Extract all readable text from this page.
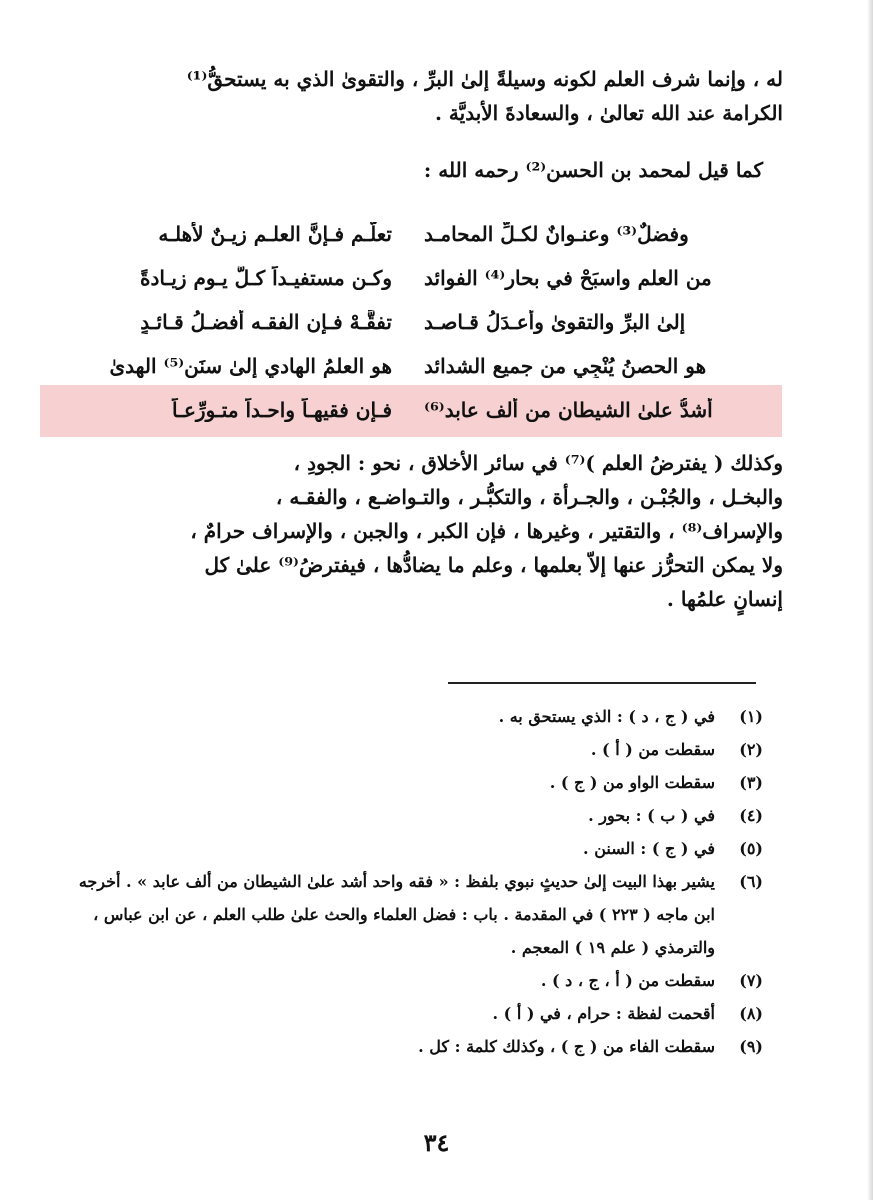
له ، وإنما شرف العلم لكونه وسيلةً إلىٰ البرِّ ، والتقوىٰ الذي به يستحقُّ⁽¹⁾
الكرامة عند الله تعالىٰ ، والسعادةَ الأبديَّة .
كما قيل لمحمد بن الحسن⁽²⁾ رحمه الله :
تعلَّـم فـإنَّ العلـم زيـنٌ لأهلـه وفضلٌ⁽³⁾ وعنـوانٌ لكـلِّ المحامـد
وكـن مستفيـداً كـلَّ يـومٍ زيـادةً من العلم واسبَحْ في بحار⁽⁴⁾ الفوائد
تفقَّـهْ فـإن الفقـه أفضـلُ قـائـدٍ إلىٰ البرِّ والتقوىٰ وأعـدَلُ قـاصـد
هو العلمُ الهادي إلىٰ سنَن⁽⁵⁾ الهدىٰ هو الحصنُ يُنْجِي من جميع الشدائد
فـإن فقيهـاً واحـداً متـورِّعـاً أشدُّ علىٰ الشيطان من ألف عابد⁽⁶⁾
وكذلك ( يفترضُ العلم )⁽⁷⁾ في سائر الأخلاق ، نحو : الجودِ ،
والبخـل ، والجُبْـن ، والجـرأة ، والتكبُّـر ، والتـواضـع ، والفقـه ،
والإسراف⁽⁸⁾ ، والتقتير ، وغيرها ، فإن الكبر ، والجبن ، والإسراف حرامٌ ،
ولا يمكن التحرُّز عنها إلاّ بعلمها ، وعلم ما يضادُّها ، فيفترضُ⁽⁹⁾ علىٰ كل
إنسانٍ علمُها .
(١)
في ( ج ، د ) : الذي يستحق به .
(٢)
سقطت من ( أ ) .
(٣)
سقطت الواو من ( ج ) .
(٤)
في ( ب ) : بحور .
(٥)
في ( ج ) : السنن .
(٦)
يشير بهذا البيت إلىٰ حديثٍ نبوي بلفظ : « فقه واحد أشد علىٰ الشيطان من ألف عابد » . أخرجه ابن ماجه ( ٢٢٣ ) في المقدمة . باب : فضل العلماء والحث علىٰ طلب العلم ، عن ابن عباس ، والترمذي ( علم ١٩ ) المعجم .
(٧)
سقطت من ( أ ، ج ، د ) .
(٨)
أقحمت لفظة : حرام ، في ( أ ) .
(٩)
سقطت الفاء من ( ج ) ، وكذلك كلمة : كل .
٣٤
